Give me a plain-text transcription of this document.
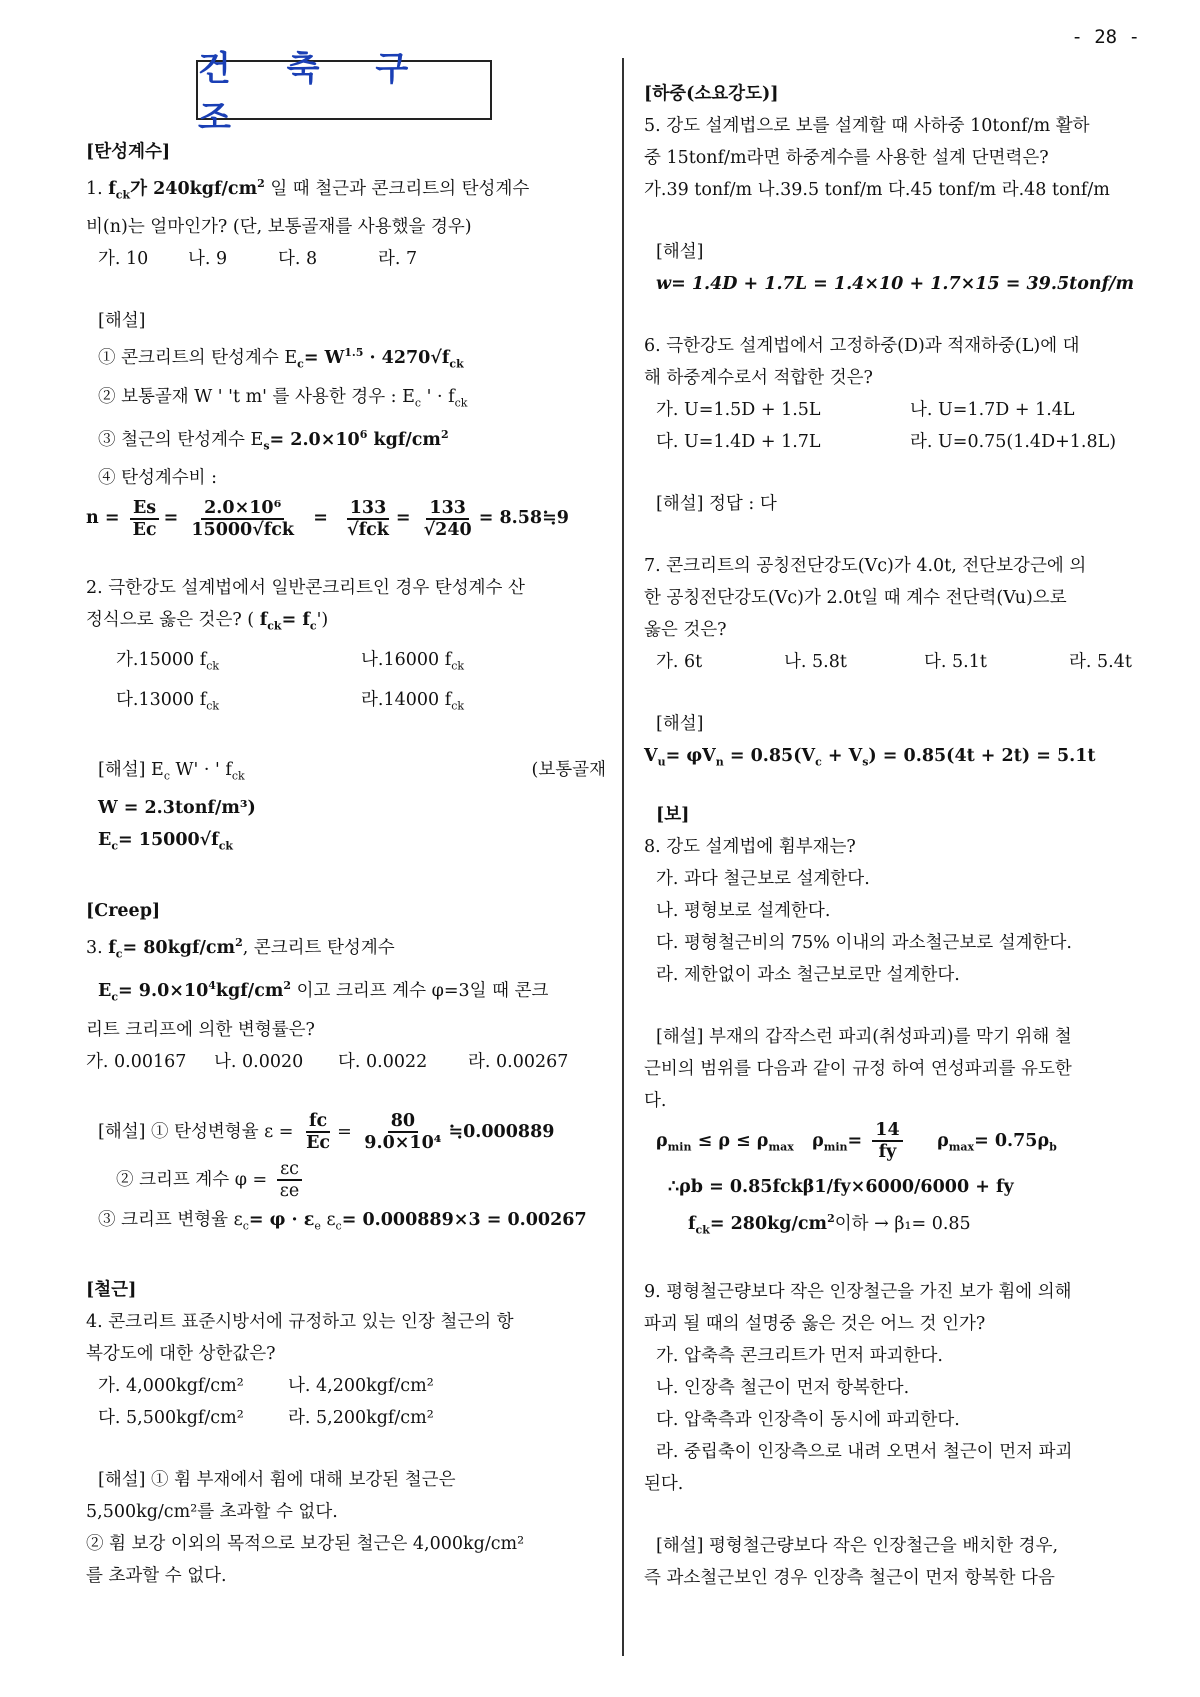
- 28 -
건 축 구 조
[탄성계수]
1. $f_{ck}$가 $240kgf/cm^2$ 일 때 철근과 콘크리트의 탄성계수
비(n)는 얼마인가? (단, 보통골재를 사용했을 경우)
가. 10	나. 9	다. 8	라. 7
[해설]
① 콘크리트의 탄성계수 $E_c= W^{1.5} \cdot 4270√f_{ck}$
② 보통골재 W ' 't m' 를 사용한 경우 : $E_c$ ' · $f_{ck}$
③ 철근의 탄성계수 $E_s= 2.0\times 10^6$ kgf/$cm^2$
④ 탄성계수비 :
$n = \frac{Es}{Ec} = \frac{\text{2.0×10⁶}}{\text{15000√fck}} = \frac{133}{\text{√fck}} = \frac{133}{√240}$ = 8.58≒9
2. 극한강도 설계법에서 일반콘크리트인 경우 탄성계수 산
정식으로 옳은 것은? ( $f_{ck}= f_c'$)
가.15000 $f_{ck}$	나.16000 $f_{ck}$
다.13000 $f_{ck}$	라.14000 $f_{ck}$
[해설] $E_c$ W' · ' $f_{ck}$	(보통골재
W = 2.3tonf/m³)
$E_c= 15000√f_{ck}$
[Creep]
3. $f_c= 80kgf/cm^2$, 콘크리트 탄성계수
$E_c= 9.0\times 10^4kgf/cm^2$ 이고 크리프 계수 φ=3일 때 콘크
리트 크리프에 의한 변형률은?
가. 0.00167	나. 0.0020	다. 0.0022	라. 0.00267
[해설] ① 탄성변형율 $\varepsilon = \frac{fc}{Ec} = \frac{80}{\text{9.0×10⁴}}$ ≒0.000889
② 크리프 계수 $\varphi = \frac{\varepsilon c}{\varepsilon e}$
③ 크리프 변형율 $\varepsilon_c= \varphi \cdot \varepsilon_e$ $\varepsilon_c= 0.000889\times 3 = 0.00267$
[철근]
4. 콘크리트 표준시방서에 규정하고 있는 인장 철근의 항
복강도에 대한 상한값은?
가. 4,000kgf/cm²	나. 4,200kgf/cm²
다. 5,500kgf/cm²	라. 5,200kgf/cm²
[해설] ① 휨 부재에서 휨에 대해 보강된 철근은
5,500kg/cm²를 초과할 수 없다.
② 휨 보강 이외의 목적으로 보강된 철근은 4,000kg/cm²
를 초과할 수 없다.
[하중(소요강도)]
5. 강도 설계법으로 보를 설계할 때 사하중 10tonf/m 활하
중 15tonf/m라면 하중계수를 사용한 설계 단면력은?
가.39 tonf/m 나.39.5 tonf/m 다.45 tonf/m 라.48 tonf/m
[해설]
w= 1.4D + 1.7L = 1.4×10 + 1.7×15 = 39.5tonf/m
6. 극한강도 설계법에서 고정하중(D)과 적재하중(L)에 대
해 하중계수로서 적합한 것은?
가. U=1.5D + 1.5L	나. U=1.7D + 1.4L
다. U=1.4D + 1.7L	라. U=0.75(1.4D+1.8L)
[해설] 정답 : 다
7. 콘크리트의 공칭전단강도(Vc)가 4.0t, 전단보강근에 의
한 공칭전단강도(Vc)가 2.0t일 때 계수 전단력(Vu)으로
옳은 것은?
가. 6t	나. 5.8t	다. 5.1t	라. 5.4t
[해설]
$V_u= \varphi V_n = 0.85(V_c + V_s) = 0.85(4t + 2t) = 5.1t$
[보]
8. 강도 설계법에 휨부재는?
가. 과다 철근보로 설계한다.
나. 평형보로 설계한다.
다. 평형철근비의 75% 이내의 과소철근보로 설계한다.
라. 제한없이 과소 철근보로만 설계한다.
[해설] 부재의 갑작스런 파괴(취성파괴)를 막기 위해 철
근비의 범위를 다음과 같이 규정 하여 연성파괴를 유도한
다.
$\rho_{min} \le \rho \le \rho_{max}$ $\rho_{min}= \frac{14}{fy} \rho_{max}= 0.75\rho_b$
∴ρb = 0.85fckβ1/fy×6000/6000 + fy
$f_{ck}= 280kg/cm^2$이하 → β₁= 0.85
9. 평형철근량보다 작은 인장철근을 가진 보가 휨에 의해
파괴 될 때의 설명중 옳은 것은 어느 것 인가?
가. 압축측 콘크리트가 먼저 파괴한다.
나. 인장측 철근이 먼저 항복한다.
다. 압축측과 인장측이 동시에 파괴한다.
라. 중립축이 인장측으로 내려 오면서 철근이 먼저 파괴
된다.
[해설] 평형철근량보다 작은 인장철근을 배치한 경우,
즉 과소철근보인 경우 인장측 철근이 먼저 항복한 다음
